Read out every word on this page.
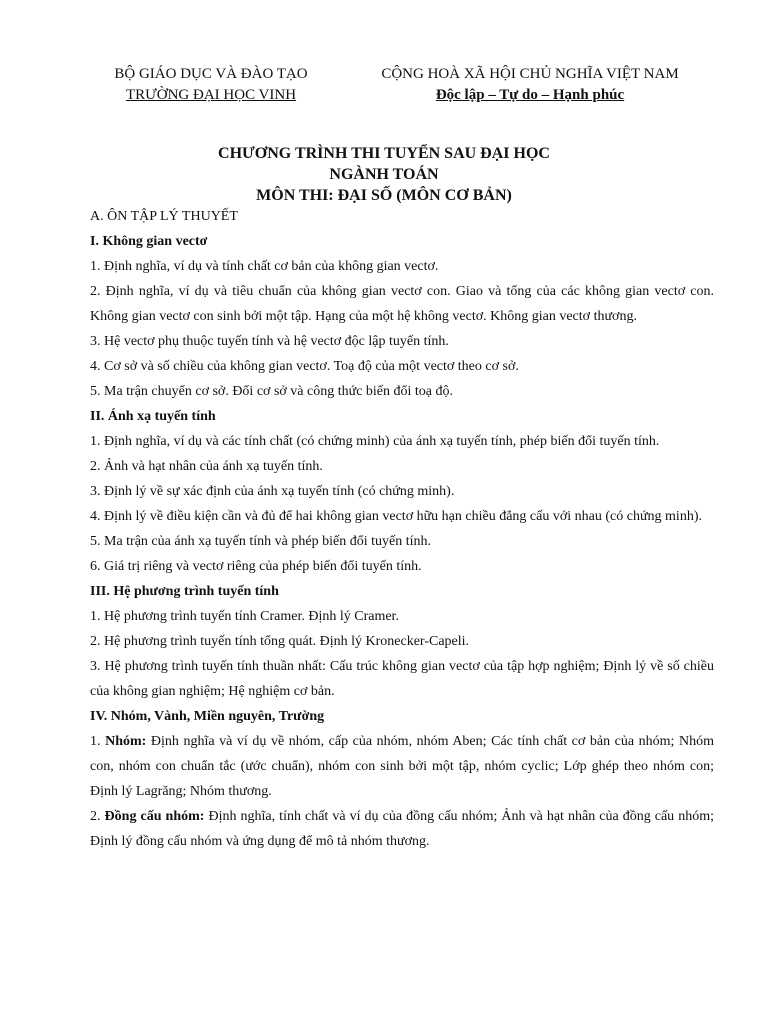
BỘ GIÁO DỤC VÀ ĐÀO TẠO
TRƯỜNG ĐẠI HỌC VINH
CỘNG HOÀ XÃ HỘI CHỦ NGHĨA VIỆT NAM
Độc lập – Tự do – Hạnh phúc
CHƯƠNG TRÌNH THI TUYỂN SAU ĐẠI HỌC
NGÀNH TOÁN
MÔN THI: ĐẠI SỐ (MÔN CƠ BẢN)
A. ÔN TẬP LÝ THUYẾT
I. Không gian vectơ
1. Định nghĩa, ví dụ và tính chất cơ bản của không gian vectơ.
2. Định nghĩa, ví dụ và tiêu chuẩn của không gian vectơ con. Giao và tổng của các không gian vectơ con. Không gian vectơ con sinh bởi một tập. Hạng của một hệ không vectơ. Không gian vectơ thương.
3. Hệ vectơ phụ thuộc tuyến tính và hệ vectơ độc lập tuyến tính.
4. Cơ sở và số chiều của không gian vectơ. Toạ độ của một vectơ theo cơ sở.
5. Ma trận chuyển cơ sở. Đổi cơ sở và công thức biến đổi toạ độ.
II. Ánh xạ tuyến tính
1. Định nghĩa, ví dụ và các tính chất (có chứng minh) của ánh xạ tuyến tính, phép biến đổi tuyến tính.
2. Ảnh và hạt nhân của ánh xạ tuyến tính.
3. Định lý về sự xác định của ánh xạ tuyến tính (có chứng minh).
4. Định lý về điều kiện cần và đủ để hai không gian vectơ hữu hạn chiều đẳng cấu với nhau (có chứng minh).
5. Ma trận của ánh xạ tuyến tính và phép biến đổi tuyến tính.
6. Giá trị riêng và vectơ riêng của phép biến đổi tuyến tính.
III. Hệ phương trình tuyến tính
1. Hệ phương trình tuyến tính Cramer. Định lý Cramer.
2. Hệ phương trình tuyến tính tổng quát. Định lý Kronecker-Capeli.
3. Hệ phương trình tuyến tính thuần nhất: Cấu trúc không gian vectơ của tập hợp nghiệm; Định lý về số chiều của không gian nghiệm; Hệ nghiệm cơ bản.
IV. Nhóm, Vành, Miền nguyên, Trường
1. Nhóm: Định nghĩa và ví dụ về nhóm, cấp của nhóm, nhóm Aben; Các tính chất cơ bản của nhóm; Nhóm con, nhóm con chuẩn tắc (ước chuẩn), nhóm con sinh bởi một tập, nhóm cyclic; Lớp ghép theo nhóm con; Định lý Lagrăng; Nhóm thương.
2. Đồng cấu nhóm: Định nghĩa, tính chất và ví dụ của đồng cấu nhóm; Ảnh và hạt nhân của đồng cấu nhóm; Định lý đồng cấu nhóm và ứng dụng để mô tả nhóm thương.
